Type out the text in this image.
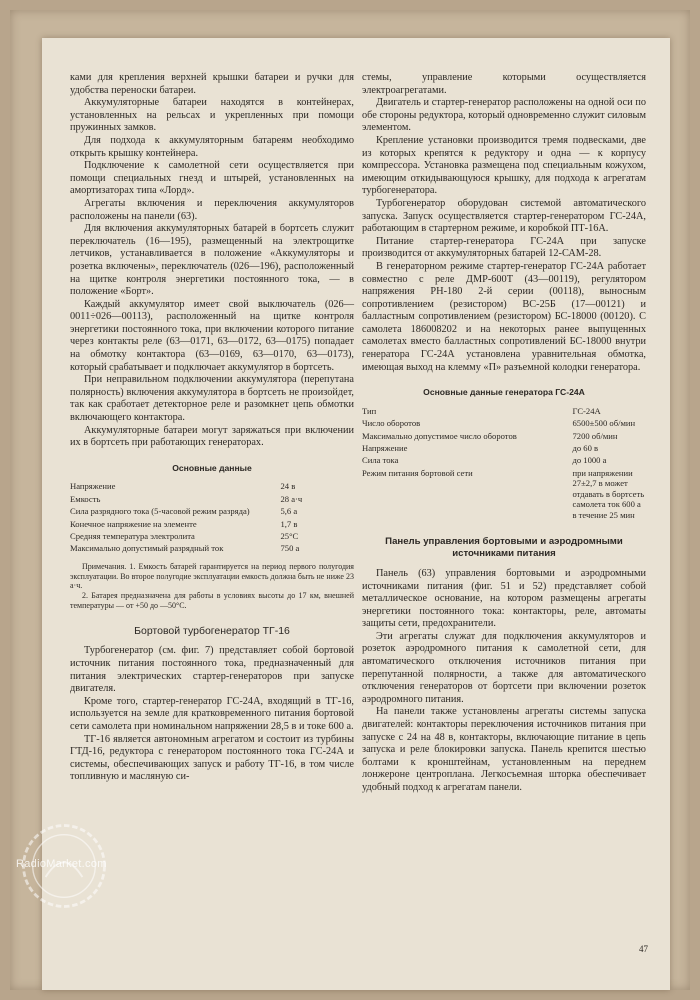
ками для крепления верхней крышки батареи и ручки для удобства переноски батареи.

Аккумуляторные батареи находятся в контейнерах, установленных на рельсах и укрепленных при помощи пружинных замков.

Для подхода к аккумуляторным батареям необходимо открыть крышку контейнера.

Подключение к самолетной сети осуществляется при помощи специальных гнезд и штырей, установленных на амортизаторах типа «Лорд».

Агрегаты включения и переключения аккумуляторов расположены на панели (63).

Для включения аккумуляторных батарей в бортсеть служит переключатель (16—195), размещенный на электрощитке летчиков, устанавливается в положение «Аккумуляторы и розетка включены», переключатель (026—196), расположенный на щитке контроля энергетики постоянного тока, — в положение «Борт».

Каждый аккумулятор имеет свой выключатель (026—0011÷026—00113), расположенный на щитке контроля энергетики постоянного тока, при включении которого питание через контакты реле (63—0171, 63—0172, 63—0175) попадает на обмотку контактора (63—0169, 63—0170, 63—0173), который срабатывает и подключает аккумулятор в бортсеть.

При неправильном подключении аккумулятора (перепутана полярность) включения аккумулятора в бортсеть не произойдет, так как сработает детекторное реле и разомкнет цепь обмотки включающего контактора.

Аккумуляторные батареи могут заряжаться при включении их в бортсеть при работающих генераторах.

Основные данные
Напряжение	24 в
Емкость	28 а·ч
Сила разрядного тока (5-часовой режим разряда)	5,6 а
Конечное напряжение на элементе	1,7 в
Средняя температура электролита	25°С
Максимально допустимый разрядный ток	750 а
Примечания. 1. Емкость батарей гарантируется на период первого полугодия эксплуатации. Во второе полугодие эксплуатации емкость должна быть не ниже 23 а·ч.
2. Батарея предназначена для работы в условиях высоты до 17 км, внешней температуры — от +50 до —50°С.
Бортовой турбогенератор ТГ-16

Турбогенератор (см. фиг. 7) представляет собой бортовой источник питания постоянного тока, предназначенный для питания электрических стартер-генераторов при запуске двигателя.

Кроме того, стартер-генератор ГС-24А, входящий в ТГ-16, используется на земле для кратковременного питания бортовой сети самолета при номинальном напряжении 28,5 в и токе 600 а.

ТГ-16 является автономным агрегатом и состоит из турбины ГТД-16, редуктора с генератором постоянного тока ГС-24А и системы, обеспечивающих запуск и работу ТГ-16, в том числе топливную и масляную си-

стемы, управление которыми осуществляется электроагрегатами.

Двигатель и стартер-генератор расположены на одной оси по обе стороны редуктора, который одновременно служит силовым элементом.

Крепление установки производится тремя подвесками, две из которых крепятся к редуктору и одна — к корпусу компрессора. Установка размещена под специальным кожухом, имеющим откидывающуюся крышку, для подхода к агрегатам турбогенератора.

Турбогенератор оборудован системой автоматического запуска. Запуск осуществляется стартер-генератором ГС-24А, работающим в стартерном режиме, и коробкой ПТ-16А.

Питание стартер-генератора ГС-24А при запуске производится от аккумуляторных батарей 12-САМ-28.

В генераторном режиме стартер-генератор ГС-24А работает совместно с реле ДМР-600Т (43—00119), регулятором напряжения РН-180 2-й серии (00118), выносным сопротивлением (резистором) ВС-25Б (17—00121) и балластным сопротивлением (резистором) БС-18000 (00120). С самолета 186008202 и на некоторых ранее выпущенных самолетах вместо балластных сопротивлений БС-18000 внутри генератора ГС-24А установлена уравнительная обмотка, имеющая выход на клемму «П» разъемной колодки генератора.

Основные данные генератора ГС-24А
Тип	ГС-24А
Число оборотов	6500±500 об/мин
Максимально допустимое число оборотов	7200 об/мин
Напряжение	до 60 в
Сила тока	до 1000 а
Режим питания бортовой сети	при напряжении 27±2,7 в может отдавать в бортсеть самолета ток 600 а в течение 25 мин
Панель управления бортовыми и аэродромными источниками питания

Панель (63) управления бортовыми и аэродромными источниками питания (фиг. 51 и 52) представляет собой металлическое основание, на котором размещены агрегаты энергетики постоянного тока: контакторы, реле, автоматы защиты сети, предохранители.

Эти агрегаты служат для подключения аккумуляторов и розеток аэродромного питания к самолетной сети, для автоматического отключения источников питания при перепутанной полярности, а также для автоматического отключения генераторов от бортсети при включении розеток аэродромного питания.

На панели также установлены агрегаты системы запуска двигателей: контакторы переключения источников питания при запуске с 24 на 48 в, контакторы, включающие питание в цепь запуска и реле блокировки запуска. Панель крепится шестью болтами к кронштейнам, установленным на переднем лонжероне центроплана. Легкосъемная шторка обеспечивает удобный подход к агрегатам панели.

47
RadioMarket.com
